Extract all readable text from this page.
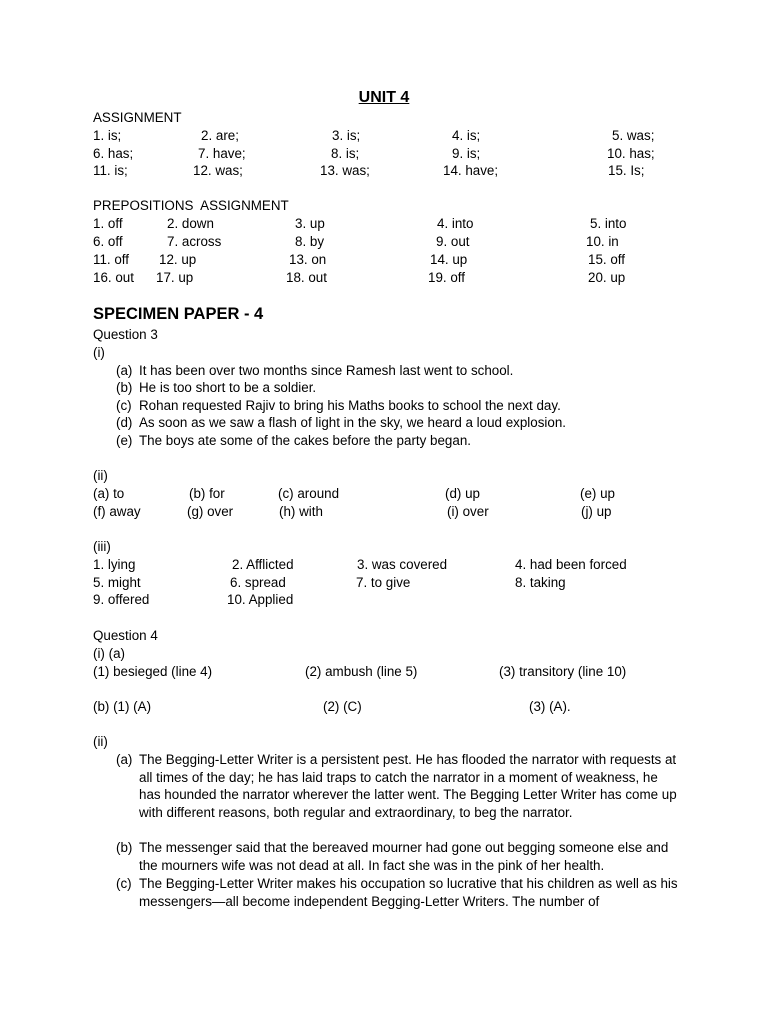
UNIT 4
ASSIGNMENT
1. is;	2. are;	3. is;	4. is;	5. was;
6. has;	7. have;	8. is;	9. is;	10. has;
11. is;	12. was;	13. was;	14. have;	15. Is;
PREPOSITIONS  ASSIGNMENT
1. off	2. down	3. up	4. into	5. into
6. off	7. across	8. by	9. out	10. in
11. off 12. up	13. on	14. up	15. off
16. out 17. up	18. out	19. off	20. up
SPECIMEN PAPER - 4
Question 3
(i)
(a) It has been over two months since Ramesh last went to school.
(b) He is too short to be a soldier.
(c) Rohan requested Rajiv to bring his Maths books to school the next day.
(d) As soon as we saw a flash of light in the sky, we heard a loud explosion.
(e) The boys ate some of the cakes before the party began.
(ii)
(a) to	(b) for	(c) around	(d) up	(e) up
(f) away	(g) over	(h) with	(i) over	(j) up
(iii)
1. lying	2. Afflicted	3. was covered	4. had been forced
5. might	6. spread	7. to give	8. taking
9. offered	10. Applied
Question 4
(i) (a)
(1) besieged (line 4)	(2) ambush (line 5)	(3) transitory (line 10)
(b) (1) (A)	(2) (C)	(3) (A).
(ii)
(a) The Begging-Letter Writer is a persistent pest. He has flooded the narrator with requests at all times of the day; he has laid traps to catch the narrator in a moment of weakness, he has hounded the narrator wherever the latter went. The Begging Letter Writer has come up with different reasons, both regular and extraordinary, to beg the narrator.
(b) The messenger said that the bereaved mourner had gone out begging someone else and the mourners wife was not dead at all. In fact she was in the pink of her health.
(c) The Begging-Letter Writer makes his occupation so lucrative that his children as well as his messengers—all become independent Begging-Letter Writers. The number of
